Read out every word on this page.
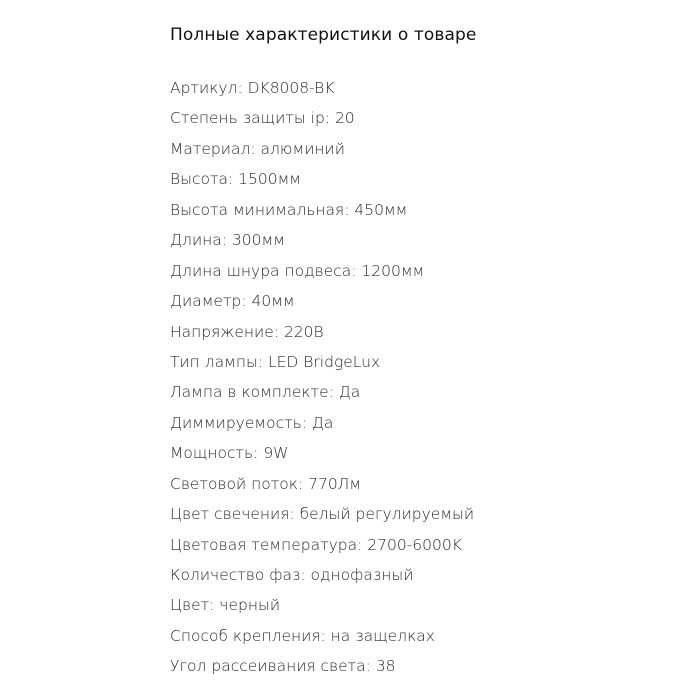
Полные характеристики о товаре
Артикул: DK8008-BK
Степень защиты ip: 20
Материал: алюминий
Высота: 1500мм
Высота минимальная: 450мм
Длина: 300мм
Длина шнура подвеса: 1200мм
Диаметр: 40мм
Напряжение: 220В
Тип лампы: LED BridgeLux
Лампа в комплекте: Да
Диммируемость: Да
Мощность: 9W
Световой поток: 770Лм
Цвет свечения: белый регулируемый
Цветовая температура: 2700-6000K
Количество фаз: однофазный
Цвет: черный
Способ крепления: на защелках
Угол рассеивания света: 38
